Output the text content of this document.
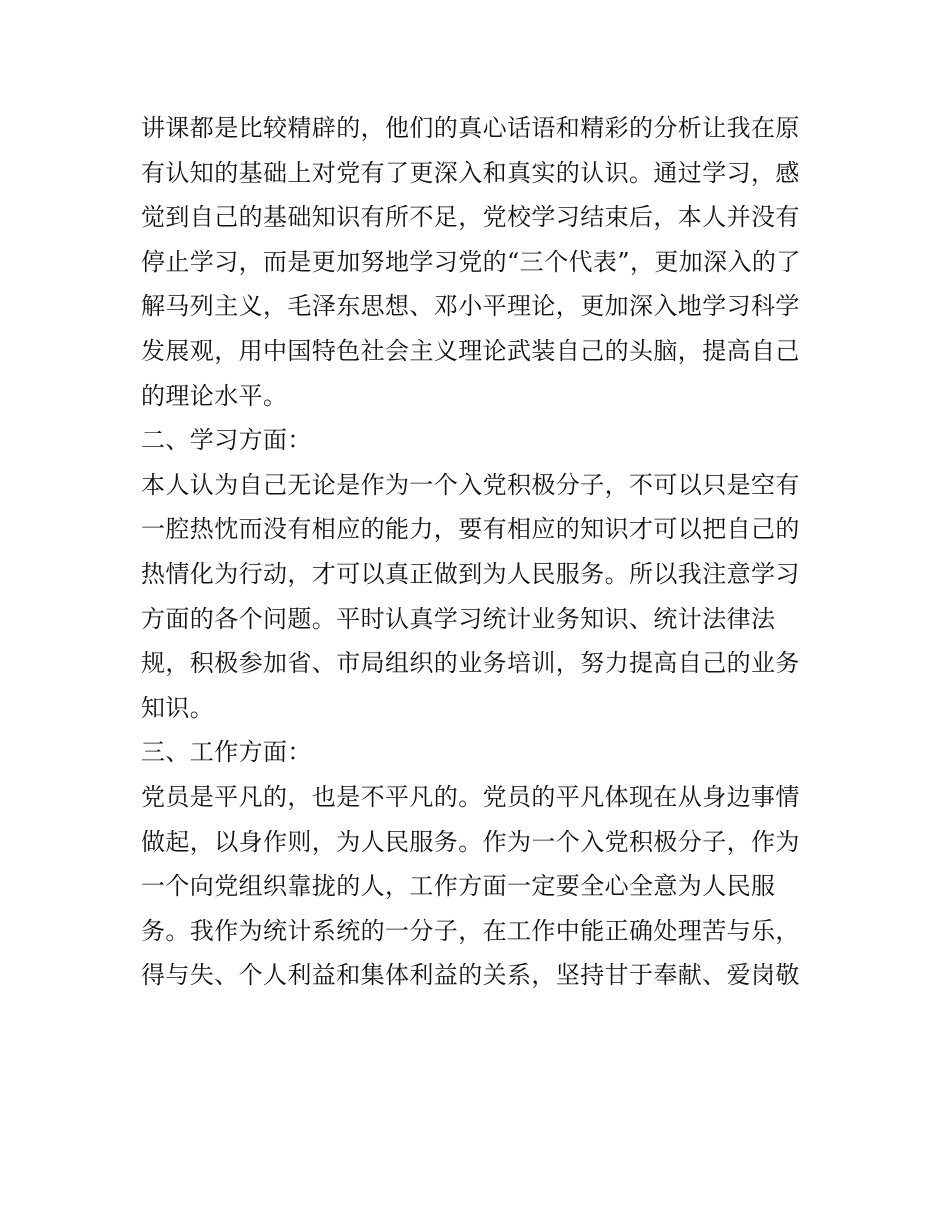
讲课都是比较精辟的，他们的真心话语和精彩的分析让我在原
有认知的基础上对党有了更深入和真实的认识。通过学习，感
觉到自己的基础知识有所不足，党校学习结束后，本人并没有
停止学习，而是更加努地学习党的“三个代表”，更加深入的了
解马列主义，毛泽东思想、邓小平理论，更加深入地学习科学
发展观，用中国特色社会主义理论武装自己的头脑，提高自己
的理论水平。
二、学习方面：
本人认为自己无论是作为一个入党积极分子，不可以只是空有
一腔热忱而没有相应的能力，要有相应的知识才可以把自己的
热情化为行动，才可以真正做到为人民服务。所以我注意学习
方面的各个问题。平时认真学习统计业务知识、统计法律法
规，积极参加省、市局组织的业务培训，努力提高自己的业务
知识。
三、工作方面：
党员是平凡的，也是不平凡的。党员的平凡体现在从身边事情
做起，以身作则，为人民服务。作为一个入党积极分子，作为
一个向党组织靠拢的人，工作方面一定要全心全意为人民服
务。我作为统计系统的一分子，在工作中能正确处理苦与乐，
得与失、个人利益和集体利益的关系，坚持甘于奉献、爱岗敬
